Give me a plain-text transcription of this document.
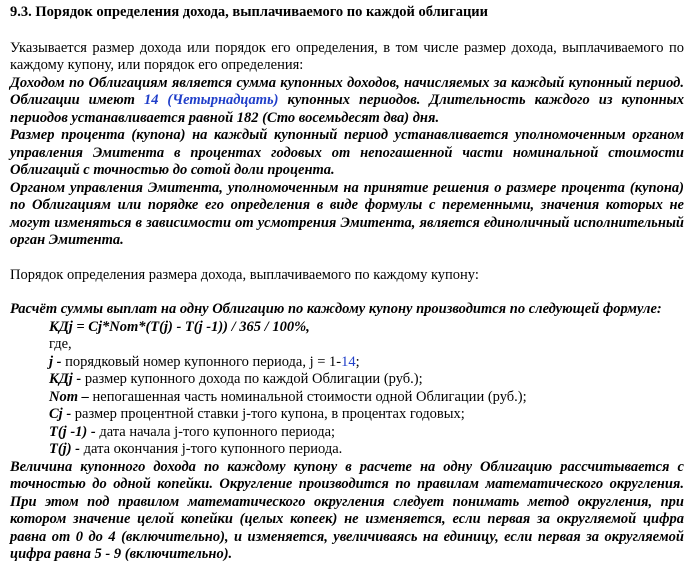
9.3. Порядок определения дохода, выплачиваемого по каждой облигации

Указывается размер дохода или порядок его определения, в том числе размер дохода, выплачиваемого по каждому купону, или порядок его определения:

Доходом по Облигациям является сумма купонных доходов, начисляемых за каждый купонный период. Облигации имеют 14 (Четырнадцать) купонных периодов. Длительность каждого из купонных периодов устанавливается равной 182 (Сто восемьдесят два) дня.

Размер процента (купона) на каждый купонный период устанавливается уполномоченным органом управления Эмитента в процентах годовых от непогашенной части номинальной стоимости Облигаций с точностью до сотой доли процента.

Органом управления Эмитента, уполномоченным на принятие решения о размере процента (купона) по Облигациям или порядке его определения в виде формулы с переменными, значения которых не могут изменяться в зависимости от усмотрения Эмитента, является единоличный исполнительный орган Эмитента.

Порядок определения размера дохода, выплачиваемого по каждому купону:

Расчёт суммы выплат на одну Облигацию по каждому купону производится по следующей формуле:

КДj = Cj*Nom*(T(j) - T(j -1)) / 365 / 100%,

где,

j - порядковый номер купонного периода, j = 1-14;

КДj - размер купонного дохода по каждой Облигации (руб.);

Nom – непогашенная часть номинальной стоимости одной Облигации (руб.);

Cj - размер процентной ставки j-того купона, в процентах годовых;

T(j -1) - дата начала j-того купонного периода;

T(j) - дата окончания j-того купонного периода.

Величина купонного дохода по каждому купону в расчете на одну Облигацию рассчитывается с точностью до одной копейки. Округление производится по правилам математического округления. При этом под правилом математического округления следует понимать метод округления, при котором значение целой копейки (целых копеек) не изменяется, если первая за округляемой цифра равна от 0 до 4 (включительно), и изменяется, увеличиваясь на единицу, если первая за округляемой цифра равна 5 - 9 (включительно).
